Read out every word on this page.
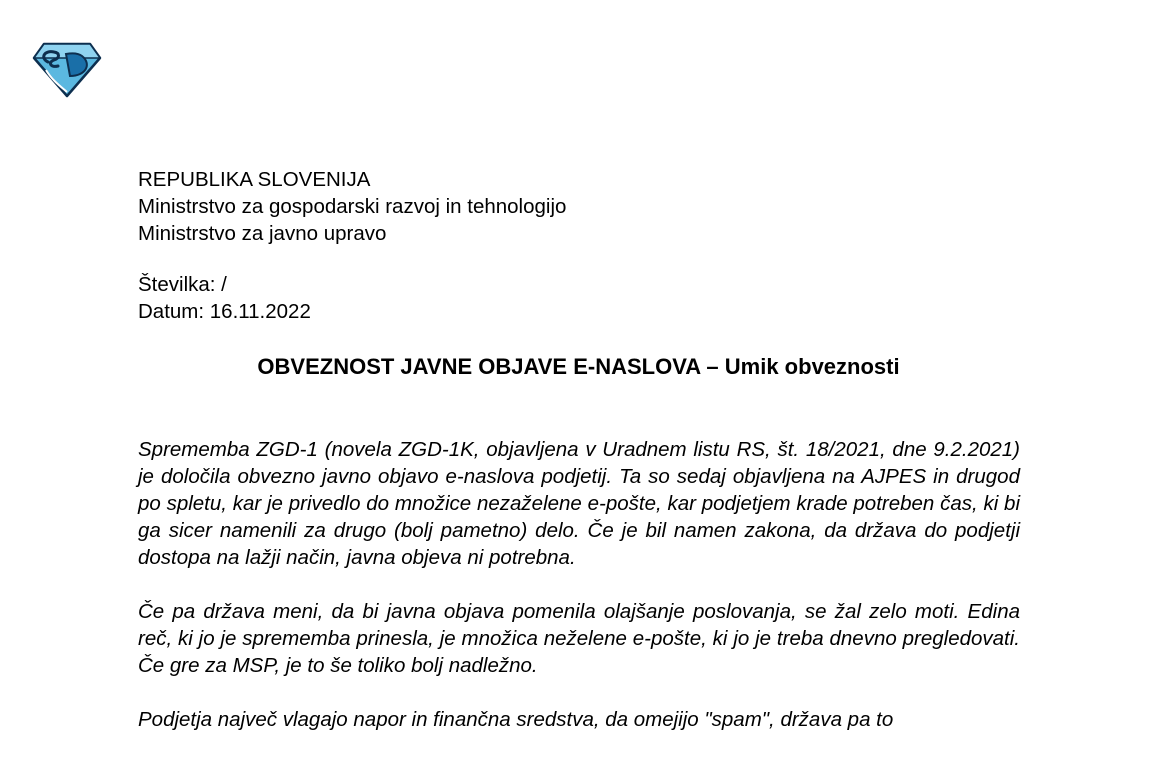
REPUBLIKA SLOVENIJA
Ministrstvo za gospodarski razvoj in tehnologijo
Ministrstvo za javno upravo
Številka: /
Datum: 16.11.2022
OBVEZNOST JAVNE OBJAVE E-NASLOVA – Umik obveznosti

Sprememba ZGD-1 (novela ZGD-1K, objavljena v Uradnem listu RS, št. 18/2021, dne 9.2.2021) je določila obvezno javno objavo e-naslova podjetij. Ta so sedaj objavljena na AJPES in drugod po spletu, kar je privedlo do množice nezaželene e-pošte, kar podjetjem krade potreben čas, ki bi ga sicer namenili za drugo (bolj pametno) delo. Če je bil namen zakona, da država do podjetji dostopa na lažji način, javna objeva ni potrebna.

Če pa država meni, da bi javna objava pomenila olajšanje poslovanja, se žal zelo moti. Edina reč, ki jo je sprememba prinesla, je množica neželene e-pošte, ki jo je treba dnevno pregledovati. Če gre za MSP, je to še toliko bolj nadležno.

Podjetja največ vlagajo napor in finančna sredstva, da omejijo "spam", država pa to
